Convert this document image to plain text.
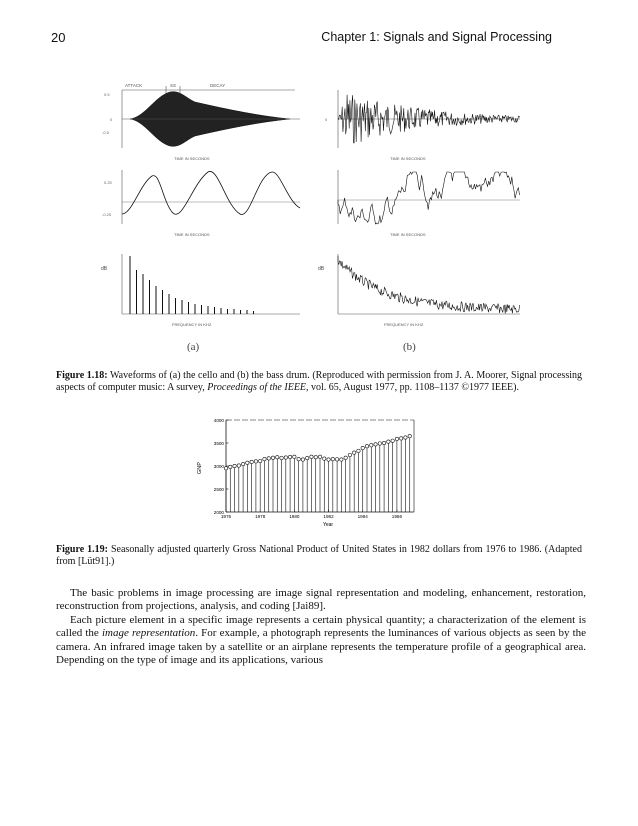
20	Chapter 1: Signals and Signal Processing
ATTACK	SS	DECAY
0.5
0
-0.5
TIME IN SECONDS
0
TIME IN SECONDS
0.25
-0.25
TIME IN SECONDS	TIME IN SECONDS
dB
FREQUENCY IN KHZ
dB
FREQUENCY IN KHZ
(a)	(b)
Figure 1.18: Waveforms of (a) the cello and (b) the bass drum. (Reproduced with permission from J. A. Moorer, Signal processing aspects of computer music: A survey, Proceedings of the IEEE, vol. 65, August 1977, pp. 1108–1137 ©1977 IEEE).
2000
2500
3000
3500
4000
1976	1978	1980	1982	1984	1986
GNP
Year
Figure 1.19: Seasonally adjusted quarterly Gross National Product of United States in 1982 dollars from 1976 to 1986. (Adapted from [Lüt91].)

The basic problems in image processing are image signal representation and modeling, enhancement, restoration, reconstruction from projections, analysis, and coding [Jai89].

Each picture element in a specific image represents a certain physical quantity; a characterization of the element is called the image representation. For example, a photograph represents the luminances of various objects as seen by the camera. An infrared image taken by a satellite or an airplane represents the temperature profile of a geographical area. Depending on the type of image and its applications, various
